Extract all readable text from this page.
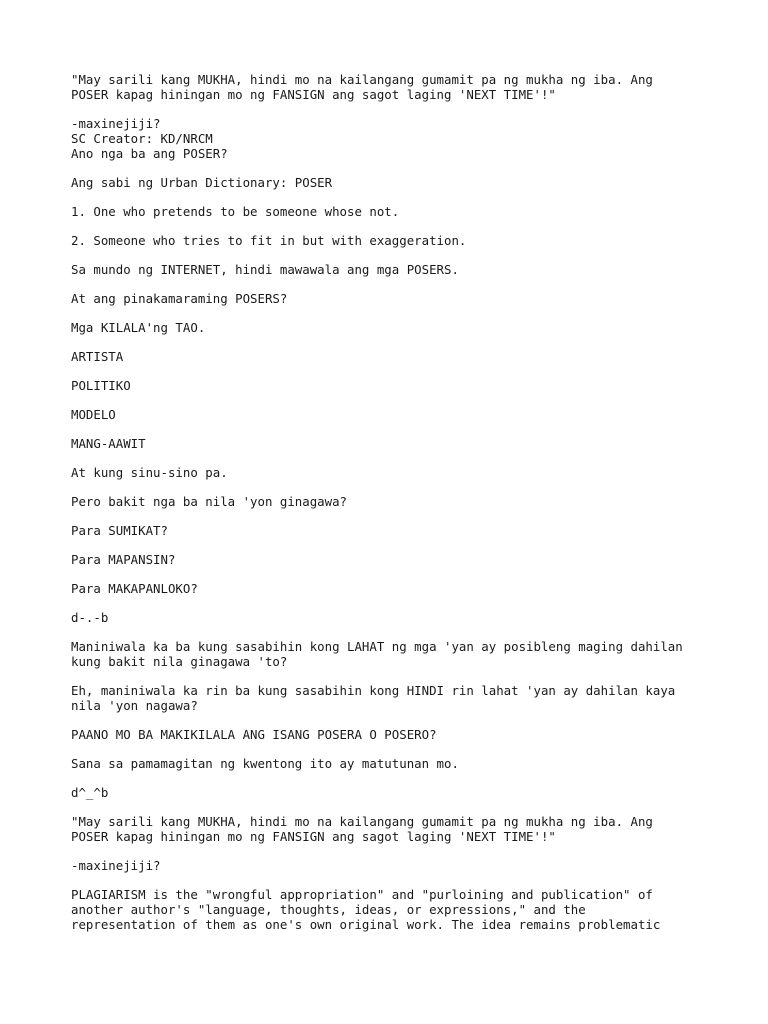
"May sarili kang MUKHA, hindi mo na kailangang gumamit pa ng mukha ng iba. Ang
POSER kapag hiningan mo ng FANSIGN ang sagot laging 'NEXT TIME'!"
-maxinejiji?
SC Creator: KD/NRCM
Ano nga ba ang POSER?
Ang sabi ng Urban Dictionary: POSER
1. One who pretends to be someone whose not.
2. Someone who tries to fit in but with exaggeration.
Sa mundo ng INTERNET, hindi mawawala ang mga POSERS.
At ang pinakamaraming POSERS?
Mga KILALA'ng TAO.
ARTISTA
POLITIKO
MODELO
MANG-AAWIT
At kung sinu-sino pa.
Pero bakit nga ba nila 'yon ginagawa?
Para SUMIKAT?
Para MAPANSIN?
Para MAKAPANLOKO?
d-.-b
Maniniwala ka ba kung sasabihin kong LAHAT ng mga 'yan ay posibleng maging dahilan
kung bakit nila ginagawa 'to?
Eh, maniniwala ka rin ba kung sasabihin kong HINDI rin lahat 'yan ay dahilan kaya
nila 'yon nagawa?
PAANO MO BA MAKIKILALA ANG ISANG POSERA O POSERO?
Sana sa pamamagitan ng kwentong ito ay matutunan mo.
d^_^b
"May sarili kang MUKHA, hindi mo na kailangang gumamit pa ng mukha ng iba. Ang
POSER kapag hiningan mo ng FANSIGN ang sagot laging 'NEXT TIME'!"
-maxinejiji?
PLAGIARISM is the "wrongful appropriation" and "purloining and publication" of
another author's "language, thoughts, ideas, or expressions," and the
representation of them as one's own original work. The idea remains problematic
